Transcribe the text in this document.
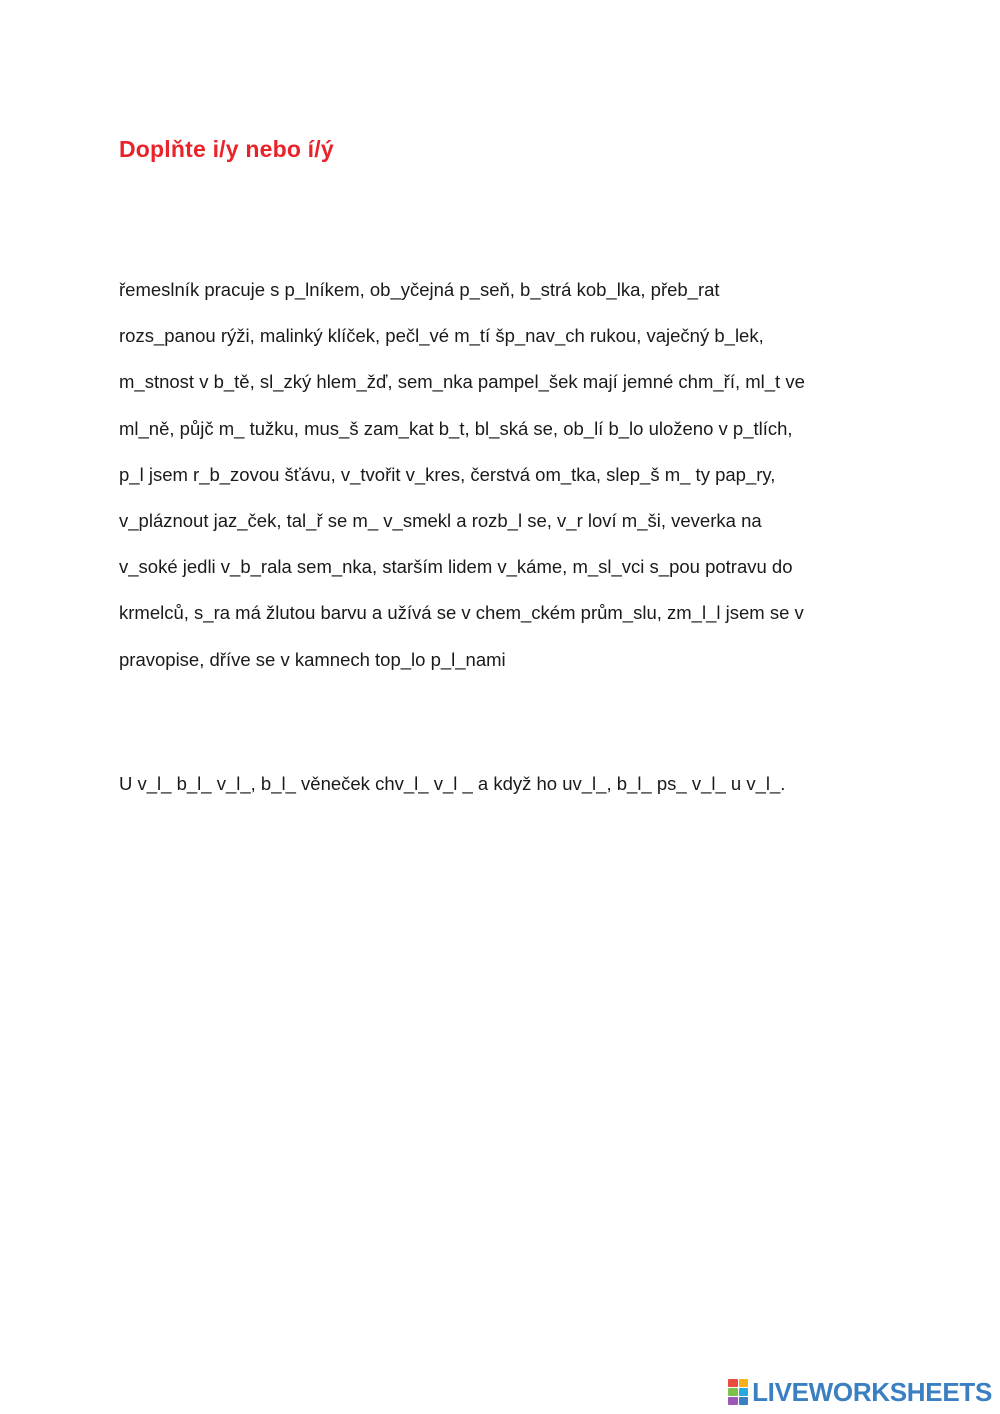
Doplňte i/y nebo í/ý
řemeslník pracuje s p_lníkem, ob_yčejná p_seň, b_strá kob_lka, přeb_rat
rozs_panou rýži, malinký klíček, pečl_vé m_tí šp_nav_ch rukou, vaječný b_lek,
m_stnost v b_tě, sl_zký hlem_žď, sem_nka pampel_šek mají jemné chm_ří, ml_t ve
ml_ně, půjč m_ tužku, mus_š zam_kat b_t, bl_ská se, ob_lí b_lo uloženo v p_tlích,
p_l jsem r_b_zovou šťávu, v_tvořit v_kres, čerstvá om_tka, slep_š m_ ty pap_ry,
v_pláznout jaz_ček, tal_ř se m_ v_smekl a rozb_l se, v_r loví m_ši, veverka na
v_soké jedli v_b_rala sem_nka, starším lidem v_káme, m_sl_vci s_pou potravu do
krmelců, s_ra má žlutou barvu a užívá se v chem_ckém prům_slu, zm_l_l jsem se v
pravopise, dříve se v kamnech top_lo p_l_nami

U v_l_ b_l_ v_l_, b_l_ věneček chv_l_ v_l _ a když ho uv_l_, b_l_ ps_ v_l_ u v_l_.

LIVEWORKSHEETS
